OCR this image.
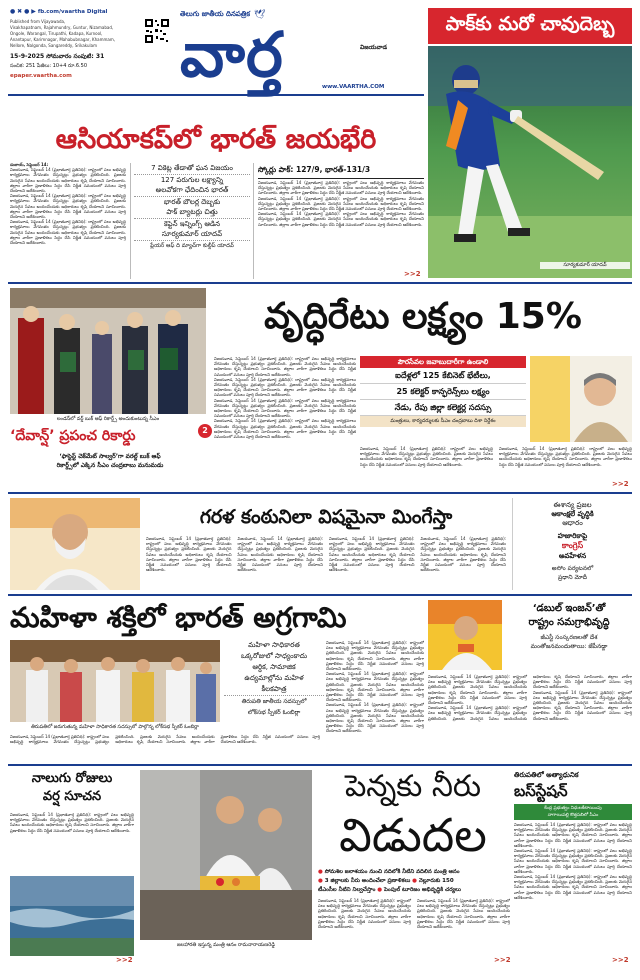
● ✖ ● ▶ fb.com/vaartha Digital
Published from Vijayawada,
Visakhapatnam, Rajahmundry, Guntur, Nizamabad,
Ongole, Warangal, Tirupathi, Kadapa, Kurnool,
Anantapur, Karimnagar, Mahabubnagar, Khammam,
Nellore, Nalgonda, Sangareddy, Srikakulam
15-9-2025 సోమవారం సంపుటి: 31
సంచిక: 251 పేజీలు: 10+4 రూ.6.50
epaper.vaartha.com
తెలుగు జాతీయ దినపత్రిక 🕊
వార్త	విజయవాడ
www.VAARTHA.COM
పాక్‌కు మరో చావుదెబ్బ
సూర్యకుమార్ యాదవ్
ఆసియాకప్‌లో భారత్ జయభేరి
దుబాయ్, సెప్టెంబర్ 14:
విజయవాడ, సెప్టెంబర్ 14 (ప్రభాతవార్త ప్రతినిధి): రాష్ట్రంలో పలు అభివృద్ధి కార్యక్రమాలు వేగవంతం చేస్తున్నట్లు ప్రభుత్వం ప్రకటించింది. ప్రజలకు మెరుగైన సేవలు అందించేందుకు అధికారులు కృషి చేయాలని సూచించారు. జిల్లాల వారీగా ప్రణాళికలు సిద్ధం చేసి నిర్ణీత సమయంలో పనులు పూర్తి చేయాలని ఆదేశించారు.
విజయవాడ, సెప్టెంబర్ 14 (ప్రభాతవార్త ప్రతినిధి): రాష్ట్రంలో పలు అభివృద్ధి కార్యక్రమాలు వేగవంతం చేస్తున్నట్లు ప్రభుత్వం ప్రకటించింది. ప్రజలకు మెరుగైన సేవలు అందించేందుకు అధికారులు కృషి చేయాలని సూచించారు. జిల్లాల వారీగా ప్రణాళికలు సిద్ధం చేసి నిర్ణీత సమయంలో పనులు పూర్తి చేయాలని ఆదేశించారు.
విజయవాడ, సెప్టెంబర్ 14 (ప్రభాతవార్త ప్రతినిధి): రాష్ట్రంలో పలు అభివృద్ధి కార్యక్రమాలు వేగవంతం చేస్తున్నట్లు ప్రభుత్వం ప్రకటించింది. ప్రజలకు మెరుగైన సేవలు అందించేందుకు అధికారులు కృషి చేయాలని సూచించారు. జిల్లాల వారీగా ప్రణాళికలు సిద్ధం చేసి నిర్ణీత సమయంలో పనులు పూర్తి చేయాలని ఆదేశించారు.
7 వికెట్ల తేడాతో ఘన విజయం
127 పరుగుల లక్ష్యాన్ని
అలవోకగా ఛేదించిన భారత్
భారత్ బౌలర్ల దెబ్బకు
పాక్ బ్యాటర్లు చిత్తు
కెప్టెన్ ఇన్నింగ్స్ ఆడిన
సూర్యకుమార్ యాదవ్
ప్లేయర్ ఆఫ్ ది మ్యాచ్‌గా కుల్దీప్ యాదవ్
స్కోర్లు పాక్: 127/9, భారత్-131/3
విజయవాడ, సెప్టెంబర్ 14 (ప్రభాతవార్త ప్రతినిధి): రాష్ట్రంలో పలు అభివృద్ధి కార్యక్రమాలు వేగవంతం చేస్తున్నట్లు ప్రభుత్వం ప్రకటించింది. ప్రజలకు మెరుగైన సేవలు అందించేందుకు అధికారులు కృషి చేయాలని సూచించారు. జిల్లాల వారీగా ప్రణాళికలు సిద్ధం చేసి నిర్ణీత సమయంలో పనులు పూర్తి చేయాలని ఆదేశించారు.
విజయవాడ, సెప్టెంబర్ 14 (ప్రభాతవార్త ప్రతినిధి): రాష్ట్రంలో పలు అభివృద్ధి కార్యక్రమాలు వేగవంతం చేస్తున్నట్లు ప్రభుత్వం ప్రకటించింది. ప్రజలకు మెరుగైన సేవలు అందించేందుకు అధికారులు కృషి చేయాలని సూచించారు. జిల్లాల వారీగా ప్రణాళికలు సిద్ధం చేసి నిర్ణీత సమయంలో పనులు పూర్తి చేయాలని ఆదేశించారు.
విజయవాడ, సెప్టెంబర్ 14 (ప్రభాతవార్త ప్రతినిధి): రాష్ట్రంలో పలు అభివృద్ధి కార్యక్రమాలు వేగవంతం చేస్తున్నట్లు ప్రభుత్వం ప్రకటించింది. ప్రజలకు మెరుగైన సేవలు అందించేందుకు అధికారులు కృషి చేయాలని సూచించారు. జిల్లాల వారీగా ప్రణాళికలు సిద్ధం చేసి నిర్ణీత సమయంలో పనులు పూర్తి చేయాలని ఆదేశించారు.
>>2
లండన్‌లో వర్డ్ బుక్ ఆఫ్ రికార్డ్స్ అందుకుంటున్న సీఎం
‘దేవాన్ష్’ ప్రపంచ రికార్డు	2
‘ఫాస్టెస్ట్ చెక్‌మేట్ సాల్వర్’గా వరల్డ్ బుక్ ఆఫ్
రికార్డ్స్‌లో ఎక్కిన సీఎం చంద్రబాబు మనుమడు
వృద్ధిరేటు లక్ష్యం 15%
విజయవాడ, సెప్టెంబర్ 14 (ప్రభాతవార్త ప్రతినిధి): రాష్ట్రంలో పలు అభివృద్ధి కార్యక్రమాలు వేగవంతం చేస్తున్నట్లు ప్రభుత్వం ప్రకటించింది. ప్రజలకు మెరుగైన సేవలు అందించేందుకు అధికారులు కృషి చేయాలని సూచించారు. జిల్లాల వారీగా ప్రణాళికలు సిద్ధం చేసి నిర్ణీత సమయంలో పనులు పూర్తి చేయాలని ఆదేశించారు.
విజయవాడ, సెప్టెంబర్ 14 (ప్రభాతవార్త ప్రతినిధి): రాష్ట్రంలో పలు అభివృద్ధి కార్యక్రమాలు వేగవంతం చేస్తున్నట్లు ప్రభుత్వం ప్రకటించింది. ప్రజలకు మెరుగైన సేవలు అందించేందుకు అధికారులు కృషి చేయాలని సూచించారు. జిల్లాల వారీగా ప్రణాళికలు సిద్ధం చేసి నిర్ణీత సమయంలో పనులు పూర్తి చేయాలని ఆదేశించారు.
విజయవాడ, సెప్టెంబర్ 14 (ప్రభాతవార్త ప్రతినిధి): రాష్ట్రంలో పలు అభివృద్ధి కార్యక్రమాలు వేగవంతం చేస్తున్నట్లు ప్రభుత్వం ప్రకటించింది. ప్రజలకు మెరుగైన సేవలు అందించేందుకు అధికారులు కృషి చేయాలని సూచించారు. జిల్లాల వారీగా ప్రణాళికలు సిద్ధం చేసి నిర్ణీత సమయంలో పనులు పూర్తి చేయాలని ఆదేశించారు.
విజయవాడ, సెప్టెంబర్ 14 (ప్రభాతవార్త ప్రతినిధి): రాష్ట్రంలో పలు అభివృద్ధి కార్యక్రమాలు వేగవంతం చేస్తున్నట్లు ప్రభుత్వం ప్రకటించింది. ప్రజలకు మెరుగైన సేవలు అందించేందుకు అధికారులు కృషి చేయాలని సూచించారు. జిల్లాల వారీగా ప్రణాళికలు సిద్ధం చేసి నిర్ణీత సమయంలో పనులు పూర్తి చేయాలని ఆదేశించారు.
పౌరసేవల జవాబుదారీగా ఉండాలి
ఐదేళ్లలో 125 కేబినెట్ భేటీలు,
25 కలెక్టర్ కాన్ఫరెన్స్‌లు లక్ష్యం
నేడు, రేపు జిల్లా కలెక్టర్ల సదస్సు
మంత్రులు, కార్యదర్శులకు సీఎం చంద్రబాబు దిశా నిర్దేశం
విజయవాడ, సెప్టెంబర్ 14 (ప్రభాతవార్త ప్రతినిధి): రాష్ట్రంలో పలు అభివృద్ధి కార్యక్రమాలు వేగవంతం చేస్తున్నట్లు ప్రభుత్వం ప్రకటించింది. ప్రజలకు మెరుగైన సేవలు అందించేందుకు అధికారులు కృషి చేయాలని సూచించారు. జిల్లాల వారీగా ప్రణాళికలు సిద్ధం చేసి నిర్ణీత సమయంలో పనులు పూర్తి చేయాలని ఆదేశించారు.
విజయవాడ, సెప్టెంబర్ 14 (ప్రభాతవార్త ప్రతినిధి): రాష్ట్రంలో పలు అభివృద్ధి కార్యక్రమాలు వేగవంతం చేస్తున్నట్లు ప్రభుత్వం ప్రకటించింది. ప్రజలకు మెరుగైన సేవలు అందించేందుకు అధికారులు కృషి చేయాలని సూచించారు. జిల్లాల వారీగా ప్రణాళికలు సిద్ధం చేసి నిర్ణీత సమయంలో పనులు పూర్తి చేయాలని ఆదేశించారు.
>>2
గరళ కంఠునిలా విషమైనా మింగేస్తా
విజయవాడ, సెప్టెంబర్ 14 (ప్రభాతవార్త ప్రతినిధి): రాష్ట్రంలో పలు అభివృద్ధి కార్యక్రమాలు వేగవంతం చేస్తున్నట్లు ప్రభుత్వం ప్రకటించింది. ప్రజలకు మెరుగైన సేవలు అందించేందుకు అధికారులు కృషి చేయాలని సూచించారు. జిల్లాల వారీగా ప్రణాళికలు సిద్ధం చేసి నిర్ణీత సమయంలో పనులు పూర్తి చేయాలని ఆదేశించారు.
విజయవాడ, సెప్టెంబర్ 14 (ప్రభాతవార్త ప్రతినిధి): రాష్ట్రంలో పలు అభివృద్ధి కార్యక్రమాలు వేగవంతం చేస్తున్నట్లు ప్రభుత్వం ప్రకటించింది. ప్రజలకు మెరుగైన సేవలు అందించేందుకు అధికారులు కృషి చేయాలని సూచించారు. జిల్లాల వారీగా ప్రణాళికలు సిద్ధం చేసి నిర్ణీత సమయంలో పనులు పూర్తి చేయాలని ఆదేశించారు.
విజయవాడ, సెప్టెంబర్ 14 (ప్రభాతవార్త ప్రతినిధి): రాష్ట్రంలో పలు అభివృద్ధి కార్యక్రమాలు వేగవంతం చేస్తున్నట్లు ప్రభుత్వం ప్రకటించింది. ప్రజలకు మెరుగైన సేవలు అందించేందుకు అధికారులు కృషి చేయాలని సూచించారు. జిల్లాల వారీగా ప్రణాళికలు సిద్ధం చేసి నిర్ణీత సమయంలో పనులు పూర్తి చేయాలని ఆదేశించారు.
విజయవాడ, సెప్టెంబర్ 14 (ప్రభాతవార్త ప్రతినిధి): రాష్ట్రంలో పలు అభివృద్ధి కార్యక్రమాలు వేగవంతం చేస్తున్నట్లు ప్రభుత్వం ప్రకటించింది. ప్రజలకు మెరుగైన సేవలు అందించేందుకు అధికారులు కృషి చేయాలని సూచించారు. జిల్లాల వారీగా ప్రణాళికలు సిద్ధం చేసి నిర్ణీత సమయంలో పనులు పూర్తి చేయాలని ఆదేశించారు.
ఈశాన్య ప్రజల
ఆకాంక్షలే వృద్ధికి
ఆధారం
హజారికాపై
కాంగ్రెస్
అవహేళన
అసోం పర్యటనలో
ప్రధాని మోదీ
మహిళా శక్తిలో భారత్ అగ్రగామి
తిరుపతిలో జరుగుతున్న మహిళా సాధికారత సదస్సులో పాల్గొన్న లోక్‌సభ స్పీకర్ ఓంబిర్లా
మహిళా సాధికారత
ఒక్కరోజులో సాధ్యంకాదు
ఆర్థిక, సామాజిక
ఉద్యమాల్లోను మహిళ
కీలకపాత్ర
తిరుపతి జాతీయ సదస్సులో
లోక్‌సభ స్పీకర్ ఓంబిర్లా
విజయవాడ, సెప్టెంబర్ 14 (ప్రభాతవార్త ప్రతినిధి): రాష్ట్రంలో పలు అభివృద్ధి కార్యక్రమాలు వేగవంతం చేస్తున్నట్లు ప్రభుత్వం ప్రకటించింది. ప్రజలకు మెరుగైన సేవలు అందించేందుకు అధికారులు కృషి చేయాలని సూచించారు. జిల్లాల వారీగా ప్రణాళికలు సిద్ధం చేసి నిర్ణీత సమయంలో పనులు పూర్తి చేయాలని ఆదేశించారు.
విజయవాడ, సెప్టెంబర్ 14 (ప్రభాతవార్త ప్రతినిధి): రాష్ట్రంలో పలు అభివృద్ధి కార్యక్రమాలు వేగవంతం చేస్తున్నట్లు ప్రభుత్వం ప్రకటించింది. ప్రజలకు మెరుగైన సేవలు అందించేందుకు అధికారులు కృషి చేయాలని సూచించారు. జిల్లాల వారీగా ప్రణాళికలు సిద్ధం చేసి నిర్ణీత సమయంలో పనులు పూర్తి చేయాలని ఆదేశించారు.
విజయవాడ, సెప్టెంబర్ 14 (ప్రభాతవార్త ప్రతినిధి): రాష్ట్రంలో పలు అభివృద్ధి కార్యక్రమాలు వేగవంతం చేస్తున్నట్లు ప్రభుత్వం ప్రకటించింది. ప్రజలకు మెరుగైన సేవలు అందించేందుకు అధికారులు కృషి చేయాలని సూచించారు. జిల్లాల వారీగా ప్రణాళికలు సిద్ధం చేసి నిర్ణీత సమయంలో పనులు పూర్తి చేయాలని ఆదేశించారు.
విజయవాడ, సెప్టెంబర్ 14 (ప్రభాతవార్త ప్రతినిధి): రాష్ట్రంలో పలు అభివృద్ధి కార్యక్రమాలు వేగవంతం చేస్తున్నట్లు ప్రభుత్వం ప్రకటించింది. ప్రజలకు మెరుగైన సేవలు అందించేందుకు అధికారులు కృషి చేయాలని సూచించారు. జిల్లాల వారీగా ప్రణాళికలు సిద్ధం చేసి నిర్ణీత సమయంలో పనులు పూర్తి చేయాలని ఆదేశించారు.
‘డబుల్ ఇంజన్’తో
రాష్ట్రం సమగ్రాభివృద్ధి
జీఎస్టీ సంస్కరణలతో దేశ
మంతోజనమందుతాయి: జేపీనడ్డా
విజయవాడ, సెప్టెంబర్ 14 (ప్రభాతవార్త ప్రతినిధి): రాష్ట్రంలో పలు అభివృద్ధి కార్యక్రమాలు వేగవంతం చేస్తున్నట్లు ప్రభుత్వం ప్రకటించింది. ప్రజలకు మెరుగైన సేవలు అందించేందుకు అధికారులు కృషి చేయాలని సూచించారు. జిల్లాల వారీగా ప్రణాళికలు సిద్ధం చేసి నిర్ణీత సమయంలో పనులు పూర్తి చేయాలని ఆదేశించారు.
విజయవాడ, సెప్టెంబర్ 14 (ప్రభాతవార్త ప్రతినిధి): రాష్ట్రంలో పలు అభివృద్ధి కార్యక్రమాలు వేగవంతం చేస్తున్నట్లు ప్రభుత్వం ప్రకటించింది. ప్రజలకు మెరుగైన సేవలు అందించేందుకు అధికారులు కృషి చేయాలని సూచించారు. జిల్లాల వారీగా ప్రణాళికలు సిద్ధం చేసి నిర్ణీత సమయంలో పనులు పూర్తి చేయాలని ఆదేశించారు.
విజయవాడ, సెప్టెంబర్ 14 (ప్రభాతవార్త ప్రతినిధి): రాష్ట్రంలో పలు అభివృద్ధి కార్యక్రమాలు వేగవంతం చేస్తున్నట్లు ప్రభుత్వం ప్రకటించింది. ప్రజలకు మెరుగైన సేవలు అందించేందుకు అధికారులు కృషి చేయాలని సూచించారు. జిల్లాల వారీగా ప్రణాళికలు సిద్ధం చేసి నిర్ణీత సమయంలో పనులు పూర్తి చేయాలని ఆదేశించారు.
నాలుగు రోజులు
వర్ష సూచన
విజయవాడ, సెప్టెంబర్ 14 (ప్రభాతవార్త ప్రతినిధి): రాష్ట్రంలో పలు అభివృద్ధి కార్యక్రమాలు వేగవంతం చేస్తున్నట్లు ప్రభుత్వం ప్రకటించింది. ప్రజలకు మెరుగైన సేవలు అందించేందుకు అధికారులు కృషి చేయాలని సూచించారు. జిల్లాల వారీగా ప్రణాళికలు సిద్ధం చేసి నిర్ణీత సమయంలో పనులు పూర్తి చేయాలని ఆదేశించారు.
>>2
జలహారతి ఇస్తున్న మంత్రి ఆనం రామనారాయణరెడ్డి
పెన్నకు నీరు
విడుదల
● సోమశిల జలాశయం నుంచి నదిలోకి నీటిని వదిలిన మంత్రి ఆనం
● 3 జిల్లాలకు నీరు అందించేలా ప్రణాళికలు ● నెల్లూరుకు 150
టీఎంసీల నీటిని నిల్వచేస్తాం ● పెంపుల్ టూరిజం అభివృద్ధికి చర్యలు
విజయవాడ, సెప్టెంబర్ 14 (ప్రభాతవార్త ప్రతినిధి): రాష్ట్రంలో పలు అభివృద్ధి కార్యక్రమాలు వేగవంతం చేస్తున్నట్లు ప్రభుత్వం ప్రకటించింది. ప్రజలకు మెరుగైన సేవలు అందించేందుకు అధికారులు కృషి చేయాలని సూచించారు. జిల్లాల వారీగా ప్రణాళికలు సిద్ధం చేసి నిర్ణీత సమయంలో పనులు పూర్తి చేయాలని ఆదేశించారు.
విజయవాడ, సెప్టెంబర్ 14 (ప్రభాతవార్త ప్రతినిధి): రాష్ట్రంలో పలు అభివృద్ధి కార్యక్రమాలు వేగవంతం చేస్తున్నట్లు ప్రభుత్వం ప్రకటించింది. ప్రజలకు మెరుగైన సేవలు అందించేందుకు అధికారులు కృషి చేయాలని సూచించారు. జిల్లాల వారీగా ప్రణాళికలు సిద్ధం చేసి నిర్ణీత సమయంలో పనులు పూర్తి చేయాలని ఆదేశించారు.
>>2
తిరుపతిలో అత్యాధునిక
బస్‌స్టేషన్
కేంద్ర ప్రభుత్వం నిధులకేటాయింపు
నాగాయిపల్లి కొత్తసబిలో సీఎం
విజయవాడ, సెప్టెంబర్ 14 (ప్రభాతవార్త ప్రతినిధి): రాష్ట్రంలో పలు అభివృద్ధి కార్యక్రమాలు వేగవంతం చేస్తున్నట్లు ప్రభుత్వం ప్రకటించింది. ప్రజలకు మెరుగైన సేవలు అందించేందుకు అధికారులు కృషి చేయాలని సూచించారు. జిల్లాల వారీగా ప్రణాళికలు సిద్ధం చేసి నిర్ణీత సమయంలో పనులు పూర్తి చేయాలని ఆదేశించారు.
విజయవాడ, సెప్టెంబర్ 14 (ప్రభాతవార్త ప్రతినిధి): రాష్ట్రంలో పలు అభివృద్ధి కార్యక్రమాలు వేగవంతం చేస్తున్నట్లు ప్రభుత్వం ప్రకటించింది. ప్రజలకు మెరుగైన సేవలు అందించేందుకు అధికారులు కృషి చేయాలని సూచించారు. జిల్లాల వారీగా ప్రణాళికలు సిద్ధం చేసి నిర్ణీత సమయంలో పనులు పూర్తి చేయాలని ఆదేశించారు.
విజయవాడ, సెప్టెంబర్ 14 (ప్రభాతవార్త ప్రతినిధి): రాష్ట్రంలో పలు అభివృద్ధి కార్యక్రమాలు వేగవంతం చేస్తున్నట్లు ప్రభుత్వం ప్రకటించింది. ప్రజలకు మెరుగైన సేవలు అందించేందుకు అధికారులు కృషి చేయాలని సూచించారు. జిల్లాల వారీగా ప్రణాళికలు సిద్ధం చేసి నిర్ణీత సమయంలో పనులు పూర్తి చేయాలని ఆదేశించారు.
>>2
